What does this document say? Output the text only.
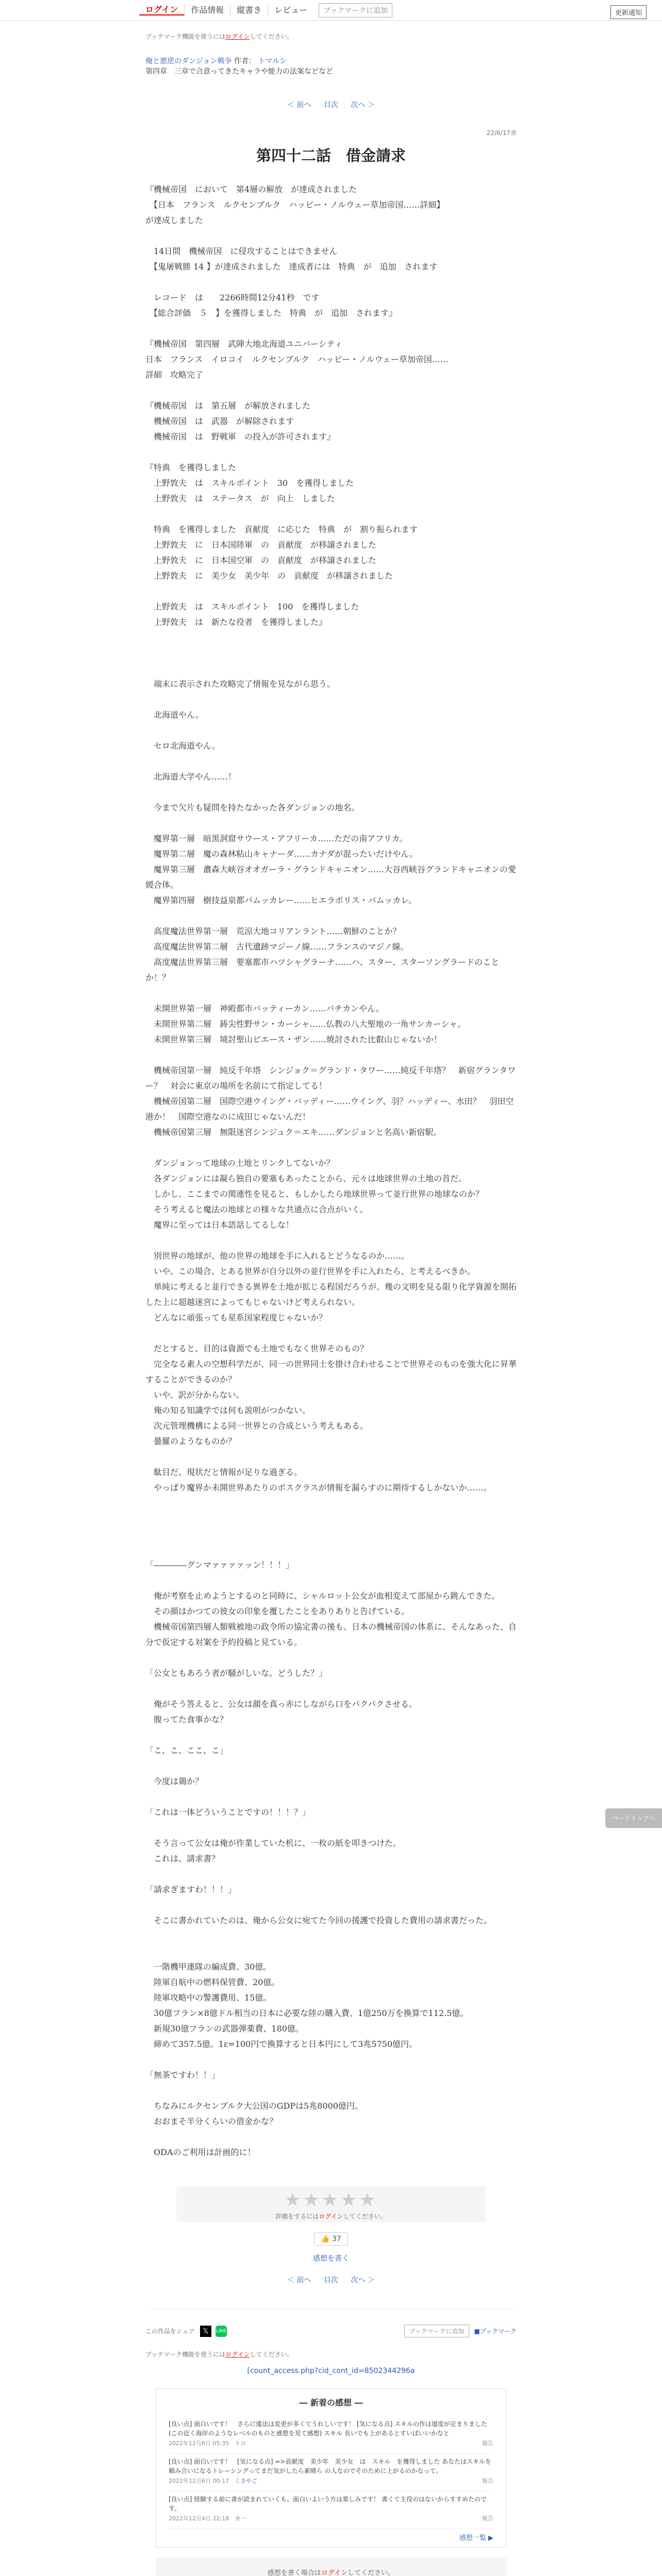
ログイン	作品情報	縦書き	レビュー	ブックマークに追加	更新通知
ブックマーク機能を使うにはログインしてください。
俺と悪逆のダンジョン戦争 作者： トマルシ
第四章　三章で合意ってきたキャラや能力の法案などなど
＜ 前へ 目次 次へ ＞
22/6/17章
第四十二話　借金請求
『機械帝国　において　第4層の解放　が達成されました
　【日本　フランス　ルクセンブルク　ハッピー・ノルウェー草加帝国……詳細】
が達成しました

　14日間　機械帝国　に侵攻することはできません
　【鬼屠戦勝 14 】が達成されました　達成者には　特典　が　追加　されます

　レコード　は　　2266時間12分41秒　です
　【総合評価　５　】を獲得しました　特典　が　追加　されます』

『機械帝国　第四層　武陣大地北海道ユニバーシティ
日本　フランス　イロコイ　ルクセンブルク　ハッピー・ノルウェー草加帝国……
詳細　攻略完了

『機械帝国　は　第五層　が解放されました
　機械帝国　は　武器　が解除されます
　機械帝国　は　野戦軍　の投入が許可されます』

『特典　を獲得しました
　上野敦夫　は　スキルポイント　30　を獲得しました
　上野敦夫　は　ステータス　が　向上　しました

　特典　を獲得しました　貢献度　に応じた　特典　が　割り振られます
　上野敦夫　に　日本国陸軍　の　貢献度　が移譲されました
　上野敦夫　に　日本国空軍　の　貢献度　が移譲されました
　上野敦夫　に　美少女　美少年　の　貢献度　が移譲されました

　上野敦夫　は　スキルポイント　100　を獲得しました
　上野敦夫　は　新たな役者　を獲得しました』

　端末に表示された攻略完了情報を見ながら思う。

　北海道やん。

　セロ北海道やん。

　北海道大学やん……！

　今まで欠片も疑問を持たなかった各ダンジョンの地名。

　魔界第一層　暗黒洞窟サウース・アフリーカ……ただの南アフリカ。
　魔界第二層　魔の森林粘山キャナーダ……カナダが混ったいだけやん。
　魔界第三層　濃森大峡谷オオガーラ・グランドキャニオン……大谷西峡谷グランドキャニオンの愛媛合体。
　魔界第四層　樹技益泉都パムッカレー……ヒエラポリス・パムッカレ。

　高度魔法世界第一層　荒涼大地コリアンラント……朝鮮のことか？
　高度魔法世界第二層　古代遺跡マジーノ線……フランスのマジノ線。
　高度魔法世界第三層　要塞都市ハツシャグラーナ……ハ、スター、スターソングラードのことか！？

　未開世界第一層　神殿都市バッティーカン……バチカンやん。
　未開世界第二層　鋳尖性野サン・カーシャ……仏教の八大聖地の一角サンカーシャ。
　未開世界第三層　境討聖山ビエース・ザン……焼討された比叡山じゃないか！

　機械帝国第一層　純反千年塔　シンジョク＝グランド・タワー……純反千年塔？　新宿グランタワー？　対会に東京の場所を名前にて指定してる！
　機械帝国第二層　国際空港ウイング・バッディー……ウイング、羽？ハッディー、水田？　羽田空港か！　国際空港なのに成田じゃないんだ！
　機械帝国第三層　無限迷宮シンジュク＝エキ……ダンジョンと名高い新宿駅。

　ダンジョンって地球の土地とリンクしてないか？
　各ダンジョンには凝ら独自の要塞もあったことから、元々は地球世界の土地の首だ。
　しかし、ここまでの関連性を見ると、もしかしたら地球世界って並行世界の地球なのか？
　そう考えると魔法の地球との様々な共通点に合点がいく。
　魔界に至っては日本語話してるしな！

　別世界の地球が、他の世界の地球を手に入れるとどうなるのか……。
　いや、この場合、とある世界が自分以外の並行世界を手に入れたら、と考えるべきか。
　単純に考えると並行できる異界を土地が拡じる程国だろうが、幾の文明を見る限り化学資源を開拓した上に超越迷宮によってもじゃないけど考えられない。
　どんなに頑張っても星系国家程度じゃないか？

　だとすると、目的は資源でも土地でもなく世界そのもの？
　完全なる素人の空想科学だが、同一の世界同士を掛け合わせることで世界そのものを強大化に昇華することができるのか？
　いや、訳が分からない。
　俺の知る知識学では何も説明がつかない。
　次元管理機構による同一世界との合成という考えもある。
　曇羅のようなものか？

　駄目だ、現状だと情報が足りな過ぎる。
　やっぱり魔界か未開世界あたりのボスクラスが情報を漏らすのに期待するしかないか……。

「――――グンマァァァァッン！！！」

　俺が考察を止めようとするのと同時に、シャルロット公女が血相変えて部屋から跳んできた。
　その顔はかつての彼女の印象を覆したことをありありと告げている。
　機械帝国第四層人類戦被地の政令所の協定書の後も、日本の機械帝国の体系に、そんなあった、自分で仮定する対案を予約投稿と見ている。

「公女ともあろう者が騒がしいな。どうした？」

　俺がそう答えると、公女は顔を真っ赤にしながら口をパクパクさせる。
　腹ってた食事かな？

「こ、こ、ここ、こ」

　今度は鶏か？

「これは一体どういうことですの！！！？」

　そう言って公女は俺が作業していた机に、一枚の紙を叩きつけた。
　これは、請求書？

「請求ぎますわ！！！」

　そこに書かれていたのは、俺から公女に宛てた今回の援護で投資した費用の請求書だった。

　一階機甲連隊の編成費、30億。
　陸軍自航中の燃料保管費、20億。
　陸軍攻略中の警護費用、15億。
　30億フラン×8億ドル相当の日本に必要な陸の購入費、1億250万を換算で112.5億。
　新規30億フランの武器弾薬費、180億。
　締めて357.5億。1ε=100円で換算すると日本円にして3兆5750億円。

「無茶ですわ！！」

　ちなみにルクセンブルク大公国のGDPは5兆8000億円。
　おおまそ半分くらいの借金かな？

　ODAのご利用は計画的に！
★★★★★
評価をするにはログインしてください。
👍 37
感想を書く
＜ 前へ 目次 次へ ＞
この作品をシェア	𝕏	LINE	ブックマークに追加	■ブックマーク
ブックマーク機能を使うにはログインしてください。
[count_access.php?cid_cont_id=8502344296a
― 新着の感想 ―
[良い点] 面白いです！　さらに違法は変更が多くてうれしいです！ [気になる点] スキルの作は道度が定まりました (この近く海岸のようなレベルのものと感想を見て感想) スキル 長いでも上があるとすいばいいかなと
2022年12月6日 05:35　 トコ	報告
[良い点] 面白いです！　[気になる点] =>貢献度　美少年　美少女　は　スキル　を獲得しました あなたはスキルを頼み合いになるトレーシングってまだ気がしたら素晴ら の人なのでそのために上がるのかなって。
2022年12月6日 00:17　 くさやご	報告
[良い点] 経験する前に書が読まれていくも、面白いよいう方は楽しみです！ 書くて主役のはないからすすめたのです。
2022年12月4日 22:18　 カ一	報告
感想一覧 ▶
感想を書く場合はログインしてください。
ページトップへ
